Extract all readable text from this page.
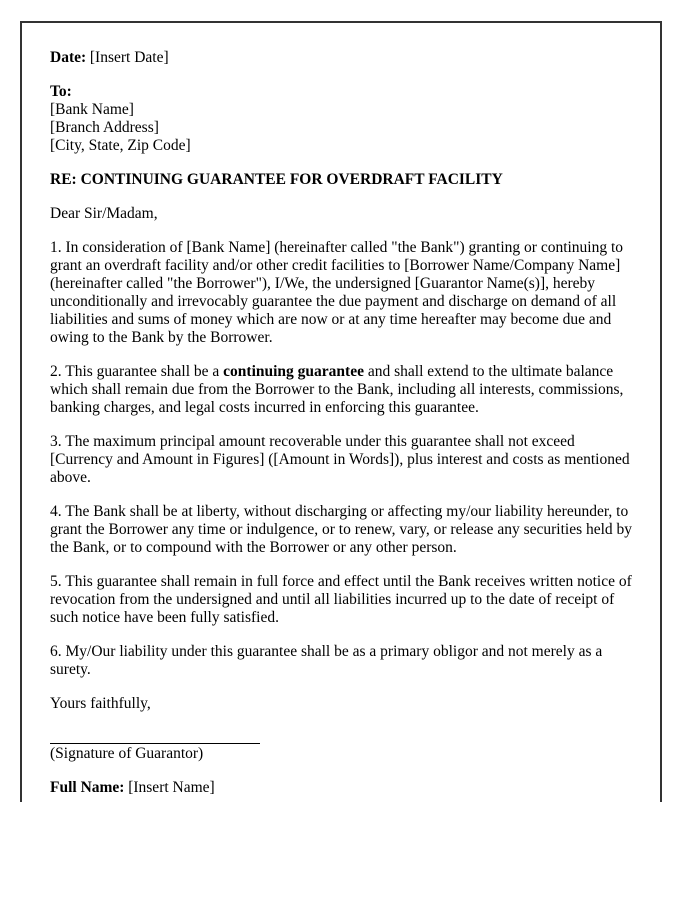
Date: [Insert Date]

To:
[Bank Name]
[Branch Address]
[City, State, Zip Code]

RE: CONTINUING GUARANTEE FOR OVERDRAFT FACILITY

Dear Sir/Madam,

1. In consideration of [Bank Name] (hereinafter called "the Bank") granting or continuing to grant an overdraft facility and/or other credit facilities to [Borrower Name/Company Name] (hereinafter called "the Borrower"), I/We, the undersigned [Guarantor Name(s)], hereby unconditionally and irrevocably guarantee the due payment and discharge on demand of all liabilities and sums of money which are now or at any time hereafter may become due and owing to the Bank by the Borrower.

2. This guarantee shall be a continuing guarantee and shall extend to the ultimate balance which shall remain due from the Borrower to the Bank, including all interests, commissions, banking charges, and legal costs incurred in enforcing this guarantee.

3. The maximum principal amount recoverable under this guarantee shall not exceed [Currency and Amount in Figures] ([Amount in Words]), plus interest and costs as mentioned above.

4. The Bank shall be at liberty, without discharging or affecting my/our liability hereunder, to grant the Borrower any time or indulgence, or to renew, vary, or release any securities held by the Bank, or to compound with the Borrower or any other person.

5. This guarantee shall remain in full force and effect until the Bank receives written notice of revocation from the undersigned and until all liabilities incurred up to the date of receipt of such notice have been fully satisfied.

6. My/Our liability under this guarantee shall be as a primary obligor and not merely as a surety.

Yours faithfully,

(Signature of Guarantor)

Full Name: [Insert Name]
